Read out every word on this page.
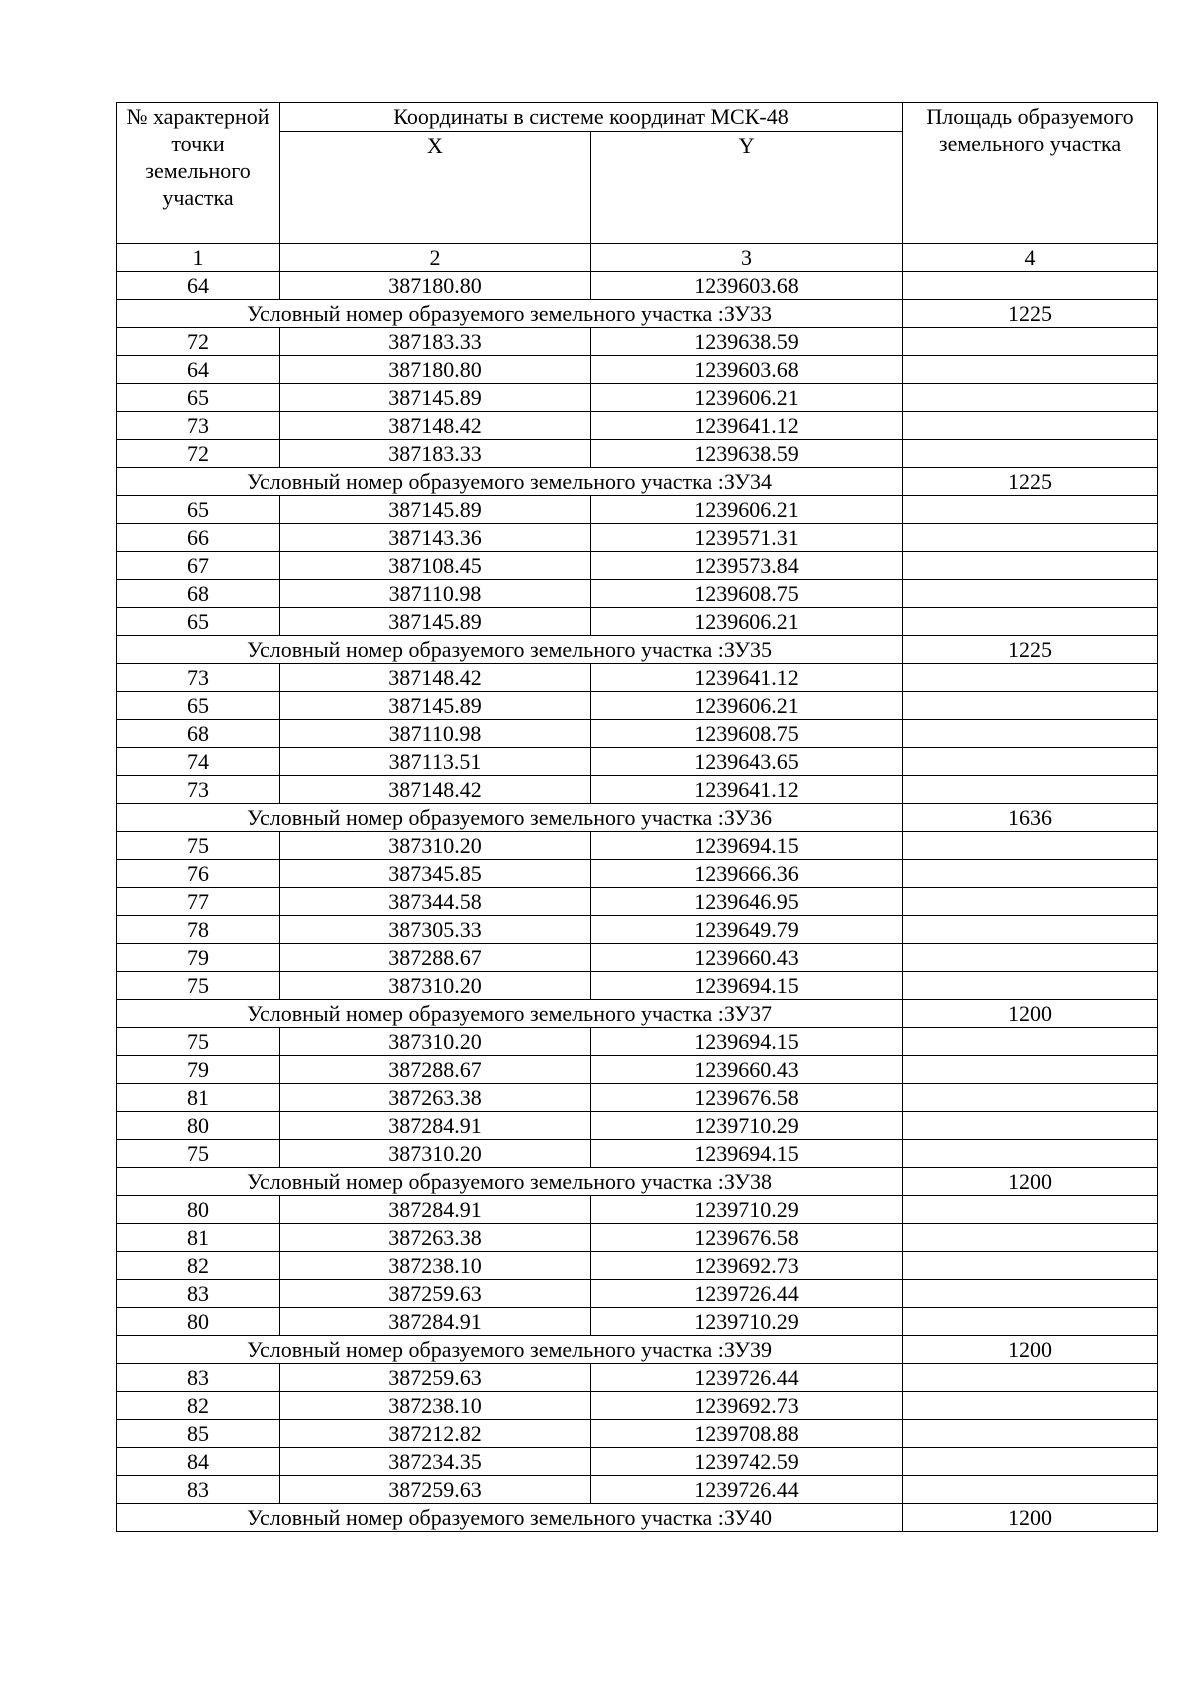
№ характерной точки земельного участка	Координаты в системе координат МСК-48		Площадь образуемого земельного участка
	X	Y	
1	2	3	4
64	387180.80	1239603.68	
Условный номер образуемого земельного участка :ЗУ33			1225
72	387183.33	1239638.59	
64	387180.80	1239603.68	
65	387145.89	1239606.21	
73	387148.42	1239641.12	
72	387183.33	1239638.59	
Условный номер образуемого земельного участка :ЗУ34			1225
65	387145.89	1239606.21	
66	387143.36	1239571.31	
67	387108.45	1239573.84	
68	387110.98	1239608.75	
65	387145.89	1239606.21	
Условный номер образуемого земельного участка :ЗУ35			1225
73	387148.42	1239641.12	
65	387145.89	1239606.21	
68	387110.98	1239608.75	
74	387113.51	1239643.65	
73	387148.42	1239641.12	
Условный номер образуемого земельного участка :ЗУ36			1636
75	387310.20	1239694.15	
76	387345.85	1239666.36	
77	387344.58	1239646.95	
78	387305.33	1239649.79	
79	387288.67	1239660.43	
75	387310.20	1239694.15	
Условный номер образуемого земельного участка :ЗУ37			1200
75	387310.20	1239694.15	
79	387288.67	1239660.43	
81	387263.38	1239676.58	
80	387284.91	1239710.29	
75	387310.20	1239694.15	
Условный номер образуемого земельного участка :ЗУ38			1200
80	387284.91	1239710.29	
81	387263.38	1239676.58	
82	387238.10	1239692.73	
83	387259.63	1239726.44	
80	387284.91	1239710.29	
Условный номер образуемого земельного участка :ЗУ39			1200
83	387259.63	1239726.44	
82	387238.10	1239692.73	
85	387212.82	1239708.88	
84	387234.35	1239742.59	
83	387259.63	1239726.44	
Условный номер образуемого земельного участка :ЗУ40			1200
